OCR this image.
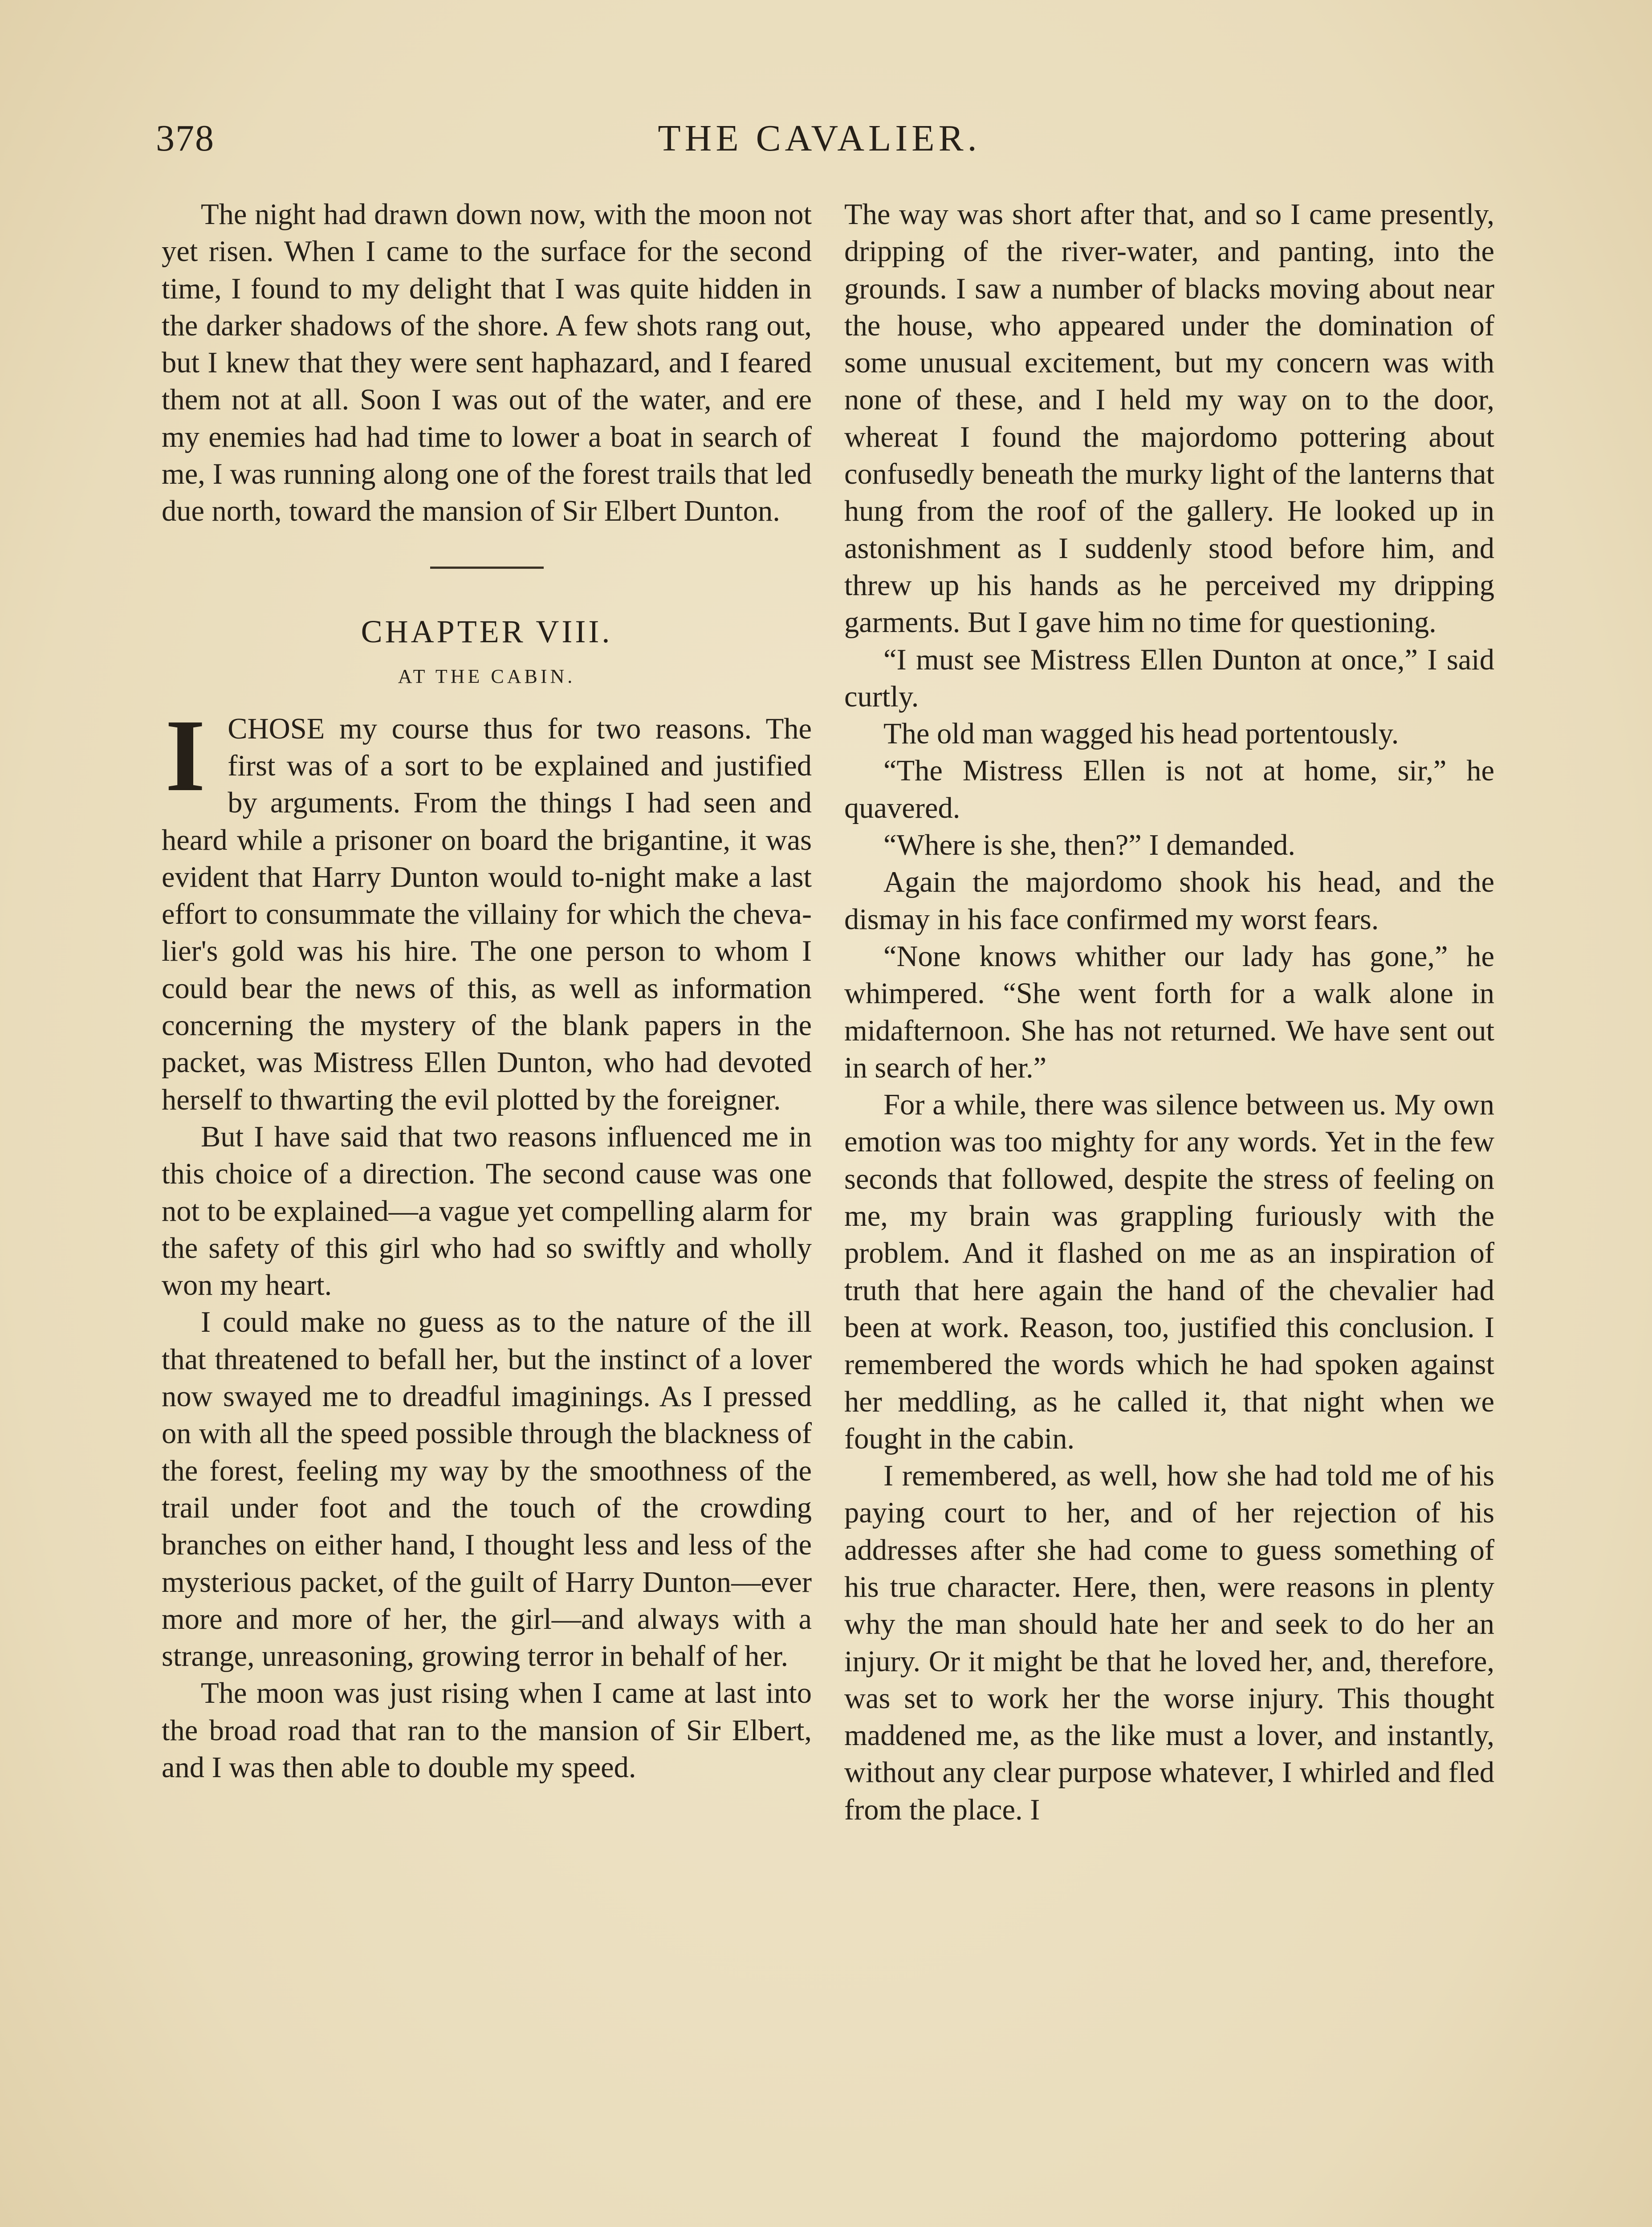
378	THE CAVALIER.

The night had drawn down now, with the moon not yet risen. When I came to the surface for the second time, I found to my delight that I was quite hidden in the darker shadows of the shore. A few shots rang out, but I knew that they were sent haphazard, and I feared them not at all. Soon I was out of the water, and ere my enemies had had time to lower a boat in search of me, I was running along one of the forest trails that led due north, toward the mansion of Sir Elbert Dunton.

CHAPTER VIII.
AT THE CABIN.

ICHOSE my course thus for two reasons. The first was of a sort to be explained and justified by arguments. From the things I had seen and heard while a prisoner on board the brigantine, it was evident that Harry Dunton would to-night make a last effort to consummate the villainy for which the chevalier's gold was his hire. The one person to whom I could bear the news of this, as well as information concerning the mystery of the blank papers in the packet, was Mistress Ellen Dunton, who had devoted herself to thwarting the evil plotted by the foreigner.

But I have said that two reasons influenced me in this choice of a direction. The second cause was one not to be explained—a vague yet compelling alarm for the safety of this girl who had so swiftly and wholly won my heart.

I could make no guess as to the nature of the ill that threatened to befall her, but the instinct of a lover now swayed me to dreadful imaginings. As I pressed on with all the speed possible through the blackness of the forest, feeling my way by the smoothness of the trail under foot and the touch of the crowding branches on either hand, I thought less and less of the mysterious packet, of the guilt of Harry Dunton—ever more and more of her, the girl—and always with a strange, unreasoning, growing terror in behalf of her.

The moon was just rising when I came at last into the broad road that ran to the mansion of Sir Elbert, and I was then able to double my speed.

The way was short after that, and so I came presently, dripping of the river-water, and panting, into the grounds. I saw a number of blacks moving about near the house, who appeared under the domination of some unusual excitement, but my concern was with none of these, and I held my way on to the door, whereat I found the majordomo pottering about confusedly beneath the murky light of the lanterns that hung from the roof of the gallery. He looked up in astonishment as I suddenly stood before him, and threw up his hands as he perceived my dripping garments. But I gave him no time for questioning.

“I must see Mistress Ellen Dunton at once,” I said curtly.

The old man wagged his head portentously.

“The Mistress Ellen is not at home, sir,” he quavered.

“Where is she, then?” I demanded.

Again the majordomo shook his head, and the dismay in his face confirmed my worst fears.

“None knows whither our lady has gone,” he whimpered. “She went forth for a walk alone in midafternoon. She has not returned. We have sent out in search of her.”

For a while, there was silence between us. My own emotion was too mighty for any words. Yet in the few seconds that followed, despite the stress of feeling on me, my brain was grappling furiously with the problem. And it flashed on me as an inspiration of truth that here again the hand of the chevalier had been at work. Reason, too, justified this conclusion. I remembered the words which he had spoken against her meddling, as he called it, that night when we fought in the cabin.

I remembered, as well, how she had told me of his paying court to her, and of her rejection of his addresses after she had come to guess something of his true character. Here, then, were reasons in plenty why the man should hate her and seek to do her an injury. Or it might be that he loved her, and, therefore, was set to work her the worse injury. This thought maddened me, as the like must a lover, and instantly, without any clear purpose whatever, I whirled and fled from the place. I
